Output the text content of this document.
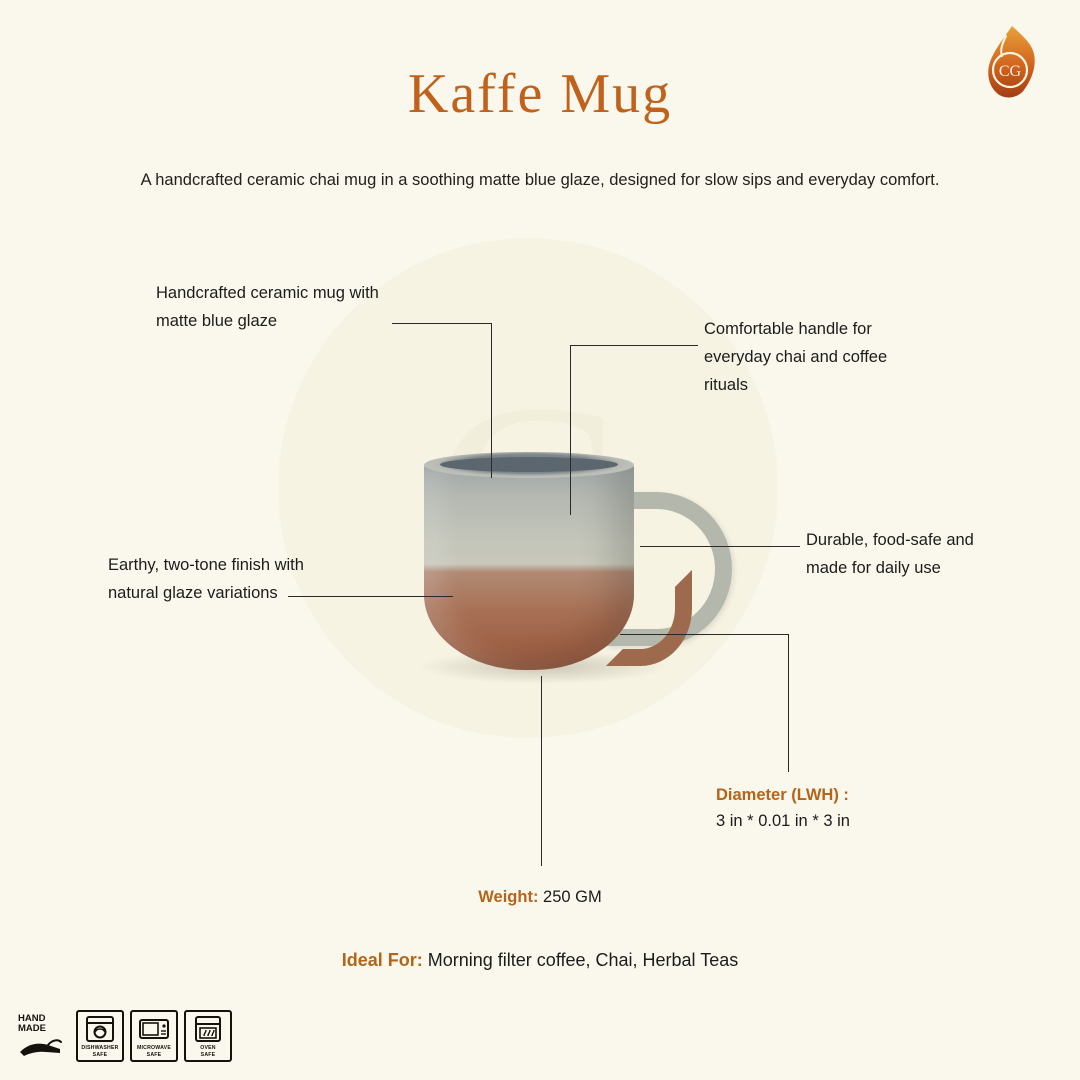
CG
Kaffe Mug
A handcrafted ceramic chai mug in a soothing matte blue glaze, designed for slow sips and everyday comfort.
Handcrafted ceramic mug with matte blue glaze	Comfortable handle for everyday chai and coffee rituals
Earthy, two-tone finish with natural glaze variations
Durable, food-safe and made for daily use
Diameter (LWH) :
3 in * 0.01 in * 3 in
Weight: 250 GM
Ideal For: Morning filter coffee, Chai, Herbal Teas
HAND
MADE
DISHWASHER
SAFE
MICROWAVE
SAFE
OVEN
SAFE
